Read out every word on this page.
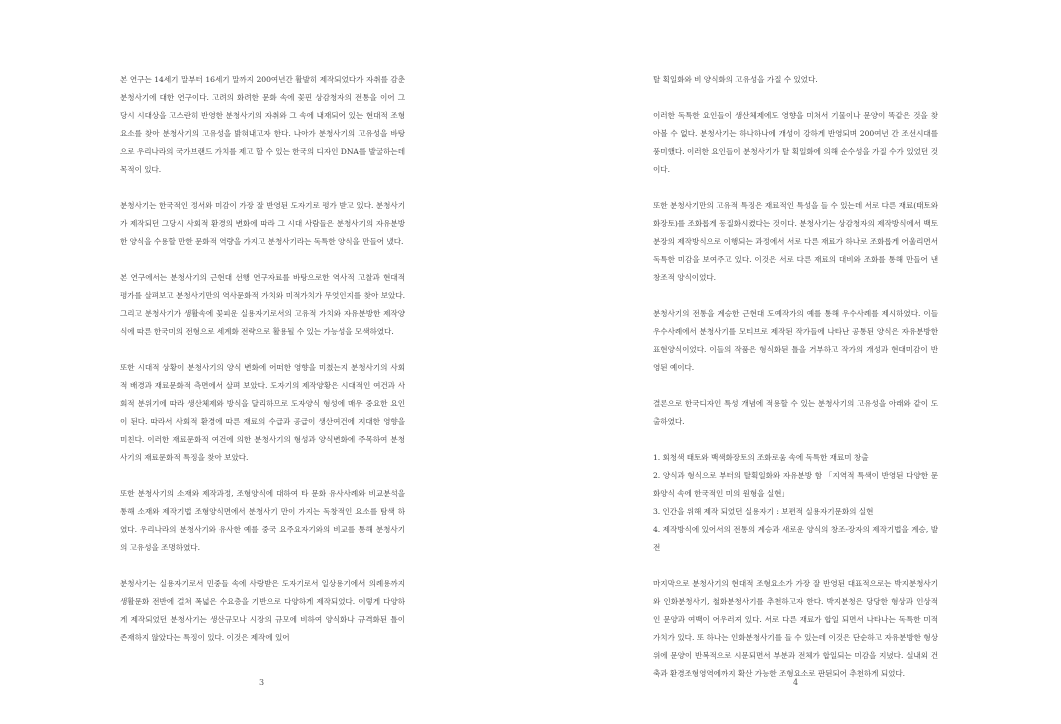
본 연구는 14세기 말부터 16세기 말까지 200여년간 활발히 제작되었다가 자취를 감춘 분청사기에 대한 연구이다. 고려의 화려한 문화 속에 꽃핀 상감청자의 전통을 이어 그 당시 시대상을 고스란히 반영한 분청사기의 자취와 그 속에 내재되어 있는 현대적 조형요소를 찾아 분청사기의 고유성을 밝혀내고자 한다. 나아가 분청사기의 고유성을 바탕으로 우리나라의 국가브랜드 가치를 제고 할 수 있는 한국의 디자인 DNA를 발굴하는데 목적이 있다.

분청사기는 한국적인 정서와 미감이 가장 잘 반영된 도자기로 평가 받고 있다. 분청사기가 제작되던 그당시 사회적 환경의 변화에 따라 그 시대 사람들은 분청사기의 자유분방한 양식을 수용할 만한 문화적 역량을 가지고 분청사기라는 독특한 양식을 만들어 냈다.

본 연구에서는 분청사기의 근현대 선행 연구자료를 바탕으로한 역사적 고찰과 현대적 평가를 살펴보고 분청사기만의 역사문화적 가치와 미적가치가 무엇인지를 찾아 보았다. 그리고 분청사기가 생활속에 꽃피운 실용자기로서의 고유적 가치와 자유분방한 제작양식에 따른 한국미의 전형으로 세계화 전략으로 활용될 수 있는 가능성을 모색하였다.

또한 시대적 상황이 분청사기의 양식 변화에 어떠한 영향을 미쳤는지 분청사기의 사회적 배경과 재료문화적 측면에서 살펴 보았다. 도자기의 제작양황은 시대적인 여건과 사회적 분위기에 따라 생산체제와 방식을 달리하므로 도자양식 형성에 매우 중요한 요인이 된다. 따라서 사회적 환경에 따른 재료의 수급과 공급이 생산여건에 지대한 영향을 미친다. 이러한 재료문화적 여건에 의한 분청사기의 형성과 양식변화에 주목하여 분청사기의 재료문화적 특징을 찾아 보았다.

또한 분청사기의 소재와 제작과정, 조형양식에 대하여 타 문화 유사사례와 비교분석을 통해 소재와 제작기법 조형양식면에서 분청사기 만이 가지는 독창적인 요소를 탐색 하였다. 우리나라의 분청사기와 유사한 예를 중국 요주요자기와의 비교를 통해 분청사기의 고유성을 조명하였다.

분청사기는 실용자기로서 민중들 속에 사랑받은 도자기로서 일상용기에서 의례용까지 생활문화 전반에 걸쳐 폭넓은 수요층을 기반으로 다양하게 제작되었다. 이렇게 다양하게 제작되었던 분청사기는 생산규모나 시장의 규모에 비하여 양식화나 규격화된 틀이 존재하지 않았다는 특징이 있다. 이것은 제작에 있어

3

탈 획일화와 비 양식화의 고유성을 가질 수 있었다.

이러한 독특한 요인들이 생산체제에도 영향을 미쳐서 기물이나 문양이 똑같은 것을 찾아볼 수 없다. 분청사기는 하나하나에 개성이 강하게 반영되며 200여년 간 조선시대를 풍미했다. 이러한 요인들이 분청사기가 탈 획일화에 의해 순수성을 가질 수가 있었던 것이다.

또한 분청사기만의 고유적 특징은 재료적인 특성을 들 수 있는데 서로 다른 재료(태토와 화장토)를 조화롭게 동질화시켰다는 것이다. 분청사기는 상감청자의 제작방식에서 백토분장의 제작방식으로 이행되는 과정에서 서로 다른 재료가 하나로 조화롭게 어울리면서 독특한 미감을 보여주고 있다. 이것은 서로 다른 재료의 대비와 조화를 통해 만들어 낸 창조적 양식이었다.

분청사기의 전통을 계승한 근현대 도예작가의 예를 통해 우수사례를 제시하였다. 이들 우수사례에서 분청사기를 모티브로 제작된 작가들에 나타난 공통된 양식은 자유분방한 표현양식이었다. 이들의 작품은 형식화된 틀을 거부하고 작가의 개성과 현대미감이 반영된 예이다.

결론으로 한국디자인 특성 개념에 적용할 수 있는 분청사기의 고유성을 아래와 같이 도출하였다.

1. 회청색 태토와 백색화장토의 조화로움 속에 독특한 재료미 창출

2. 양식과 형식으로 부터의 탈획일화와 자유분방 함 「지역적 특색이 반영된 다양한 문화양식 속에 한국적인 미의 원형을 실현」

3. 인간을 위해 제작 되었던 실용자기 : 보편적 실용자기문화의 실현

4. 제작방식에 있어서의 전통의 계승과 새로운 양식의 창조-장자의 제작기법을 계승, 발전

마지막으로 분청사기의 현대적 조형요소가 가장 잘 반영된 대표적으로는 박지분청사기와 인화분청사기, 철화분청사기를 추천하고자 한다. 박지분청은 당당한 형상과 인상적인 문양과 여백이 어우러져 있다. 서로 다른 재료가 합일 되면서 나타나는 독특한 미적 가치가 있다. 또 하나는 인화분청사기를 들 수 있는데 이것은 단순하고 자유분방한 형상 위에 문양이 반복적으로 시문되면서 부분과 전체가 합일되는 미감을 지녔다. 실내외 건축과 환경조형영역에까지 확산 가능한 조형요소로 판된되어 추천하게 되었다.

4
